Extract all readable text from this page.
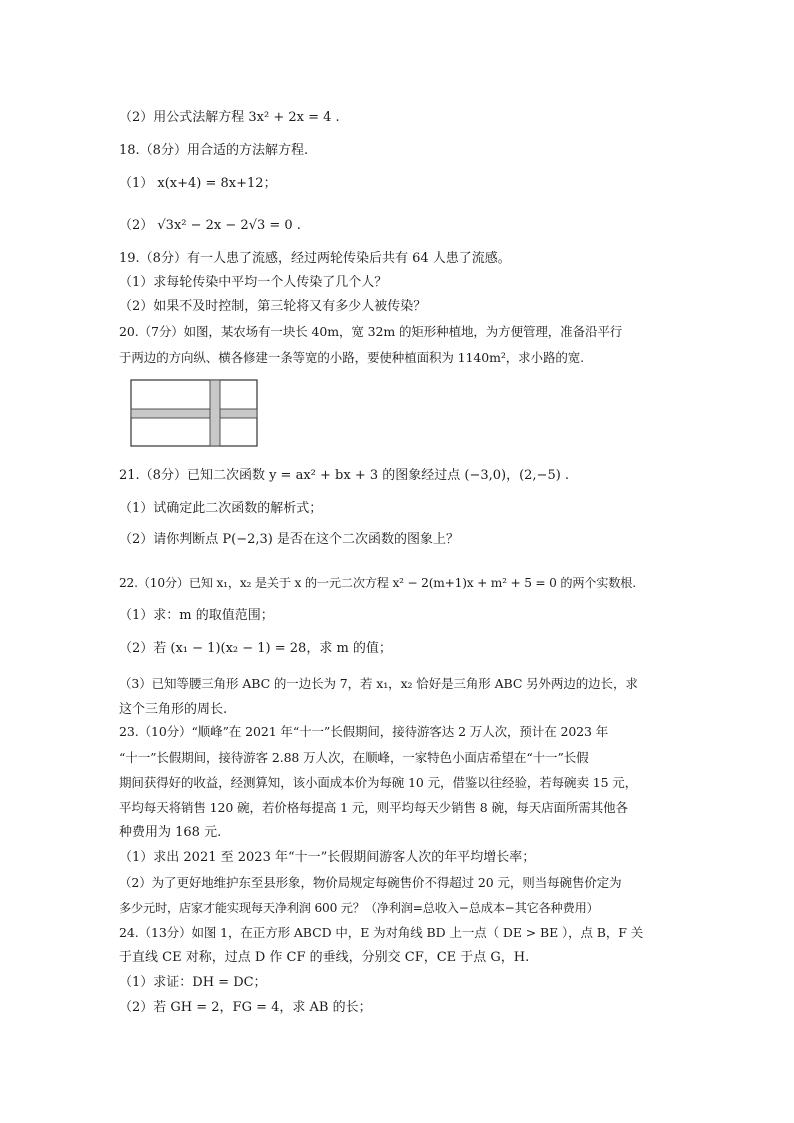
（2）用公式法解方程 3x² + 2x = 4 .
18.（8分）用合适的方法解方程.
（1） x(x+4) = 8x+12；
（2） √3x² − 2x − 2√3 = 0 .
19.（8分）有一人患了流感，经过两轮传染后共有 64 人患了流感。
（1）求每轮传染中平均一个人传染了几个人？
（2）如果不及时控制，第三轮将又有多少人被传染？
20.（7分）如图，某农场有一块长 40m，宽 32m 的矩形种植地，为方便管理，准备沿平行
于两边的方向纵、横各修建一条等宽的小路，要使种植面积为 1140m²，求小路的宽.
21.（8分）已知二次函数 y = ax² + bx + 3 的图象经过点 (−3,0)，(2,−5) .
（1）试确定此二次函数的解析式；
（2）请你判断点 P(−2,3) 是否在这个二次函数的图象上？
22.（10分）已知 x₁，x₂ 是关于 x 的一元二次方程 x² − 2(m+1)x + m² + 5 = 0 的两个实数根.
（1）求：m 的取值范围；
（2）若 (x₁ − 1)(x₂ − 1) = 28，求 m 的值；
（3）已知等腰三角形 ABC 的一边长为 7，若 x₁，x₂ 恰好是三角形 ABC 另外两边的边长，求
这个三角形的周长.
23.（10分）“顺峰”在 2021 年“十一”长假期间，接待游客达 2 万人次，预计在 2023 年
“十一”长假期间，接待游客 2.88 万人次，在顺峰，一家特色小面店希望在“十一”长假
期间获得好的收益，经测算知，该小面成本价为每碗 10 元，借鉴以往经验，若每碗卖 15 元，
平均每天将销售 120 碗，若价格每提高 1 元，则平均每天少销售 8 碗，每天店面所需其他各
种费用为 168 元.
（1）求出 2021 至 2023 年“十一”长假期间游客人次的年平均增长率；
（2）为了更好地维护东至县形象，物价局规定每碗售价不得超过 20 元，则当每碗售价定为
多少元时，店家才能实现每天净利润 600 元？（净利润=总收入−总成本−其它各种费用）
24.（13分）如图 1，在正方形 ABCD 中，E 为对角线 BD 上一点（ DE > BE ），点 B，F 关
于直线 CE 对称，过点 D 作 CF 的垂线，分别交 CF，CE 于点 G，H.
（1）求证：DH = DC；
（2）若 GH = 2，FG = 4，求 AB 的长；
